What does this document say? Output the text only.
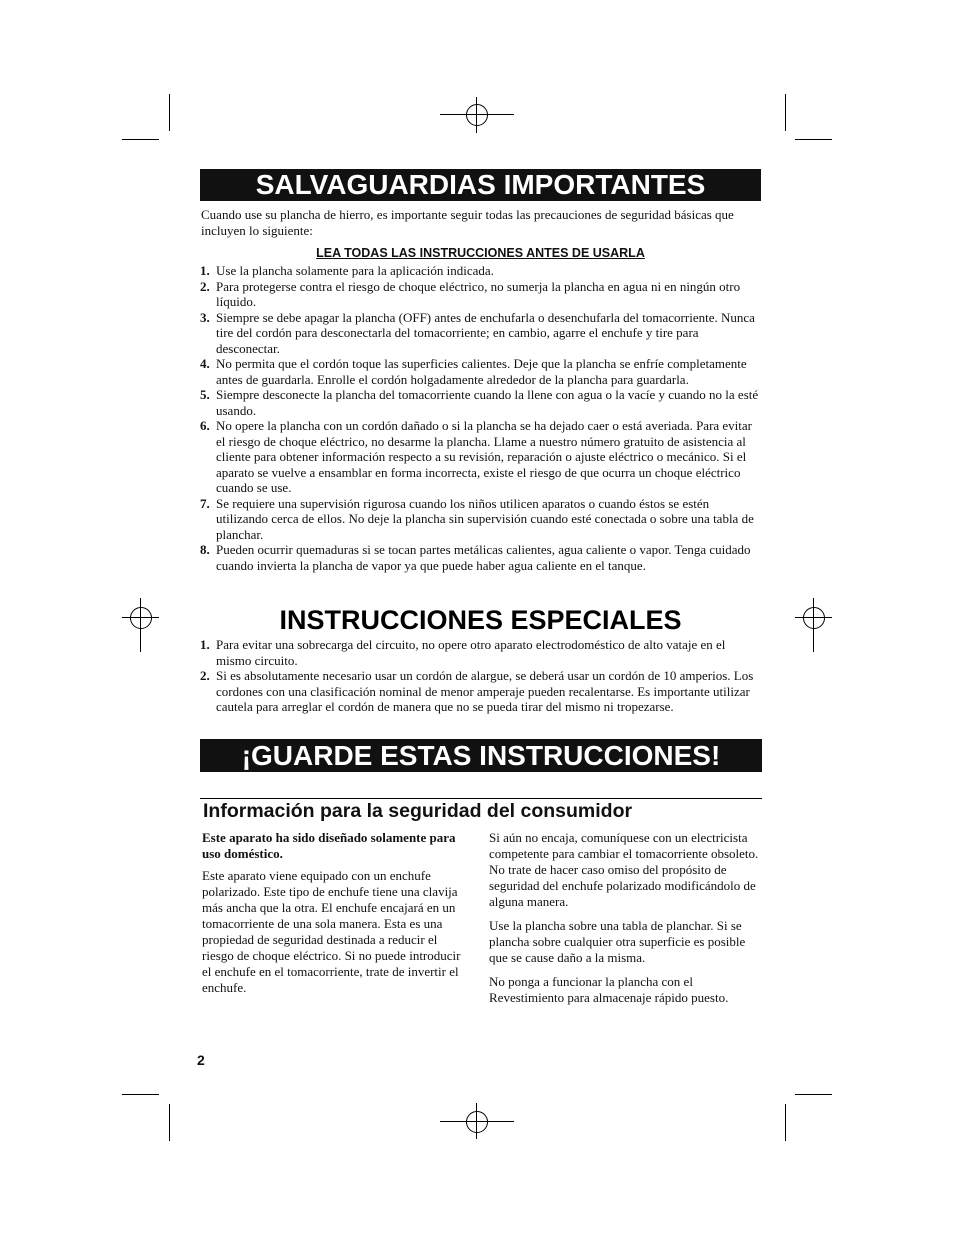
SALVAGUARDIAS IMPORTANTES
Cuando use su plancha de hierro, es importante seguir todas las precauciones de seguridad básicas que incluyen lo siguiente:
LEA TODAS LAS INSTRUCCIONES ANTES DE USARLA
1. Use la plancha solamente para la aplicación indicada.
2. Para protegerse contra el riesgo de choque eléctrico, no sumerja la plancha en agua ni en ningún otro líquido.
3. Siempre se debe apagar la plancha (OFF) antes de enchufarla o desenchufarla del tomacorriente. Nunca tire del cordón para desconectarla del tomacorriente; en cambio, agarre el enchufe y tire para desconectar.
4. No permita que el cordón toque las superficies calientes. Deje que la plancha se enfríe completamente antes de guardarla. Enrolle el cordón holgadamente alrededor de la plancha para guardarla.
5. Siempre desconecte la plancha del tomacorriente cuando la llene con agua o la vacíe y cuando no la esté usando.
6. No opere la plancha con un cordón dañado o si la plancha se ha dejado caer o está averiada. Para evitar el riesgo de choque eléctrico, no desarme la plancha. Llame a nuestro número gratuito de asistencia al cliente para obtener información respecto a su revisión, reparación o ajuste eléctrico o mecánico. Si el aparato se vuelve a ensamblar en forma incorrecta, existe el riesgo de que ocurra un choque eléctrico cuando se use.
7. Se requiere una supervisión rigurosa cuando los niños utilicen aparatos o cuando éstos se estén utilizando cerca de ellos. No deje la plancha sin supervisión cuando esté conectada o sobre una tabla de planchar.
8. Pueden ocurrir quemaduras si se tocan partes metálicas calientes, agua caliente o vapor. Tenga cuidado cuando invierta la plancha de vapor ya que puede haber agua caliente en el tanque.
INSTRUCCIONES ESPECIALES
1. Para evitar una sobrecarga del circuito, no opere otro aparato electrodoméstico de alto vataje en el mismo circuito.
2. Si es absolutamente necesario usar un cordón de alargue, se deberá usar un cordón de 10 amperios. Los cordones con una clasificación nominal de menor amperaje pueden recalentarse. Es importante utilizar cautela para arreglar el cordón de manera que no se pueda tirar del mismo ni tropezarse.
¡GUARDE ESTAS INSTRUCCIONES!
Información para la seguridad del consumidor

Este aparato ha sido diseñado solamente para uso doméstico.

Este aparato viene equipado con un enchufe polarizado. Este tipo de enchufe tiene una clavija más ancha que la otra. El enchufe encajará en un tomacorriente de una sola manera. Esta es una propiedad de seguridad destinada a reducir el riesgo de choque eléctrico. Si no puede introducir el enchufe en el tomacorriente, trate de invertir el enchufe.

Si aún no encaja, comuníquese con un electricista competente para cambiar el tomacorriente obsoleto. No trate de hacer caso omiso del propósito de seguridad del enchufe polarizado modificándolo de alguna manera.

Use la plancha sobre una tabla de planchar. Si se plancha sobre cualquier otra superficie es posible que se cause daño a la misma.

No ponga a funcionar la plancha con el Revestimiento para almacenaje rápido puesto.

2
